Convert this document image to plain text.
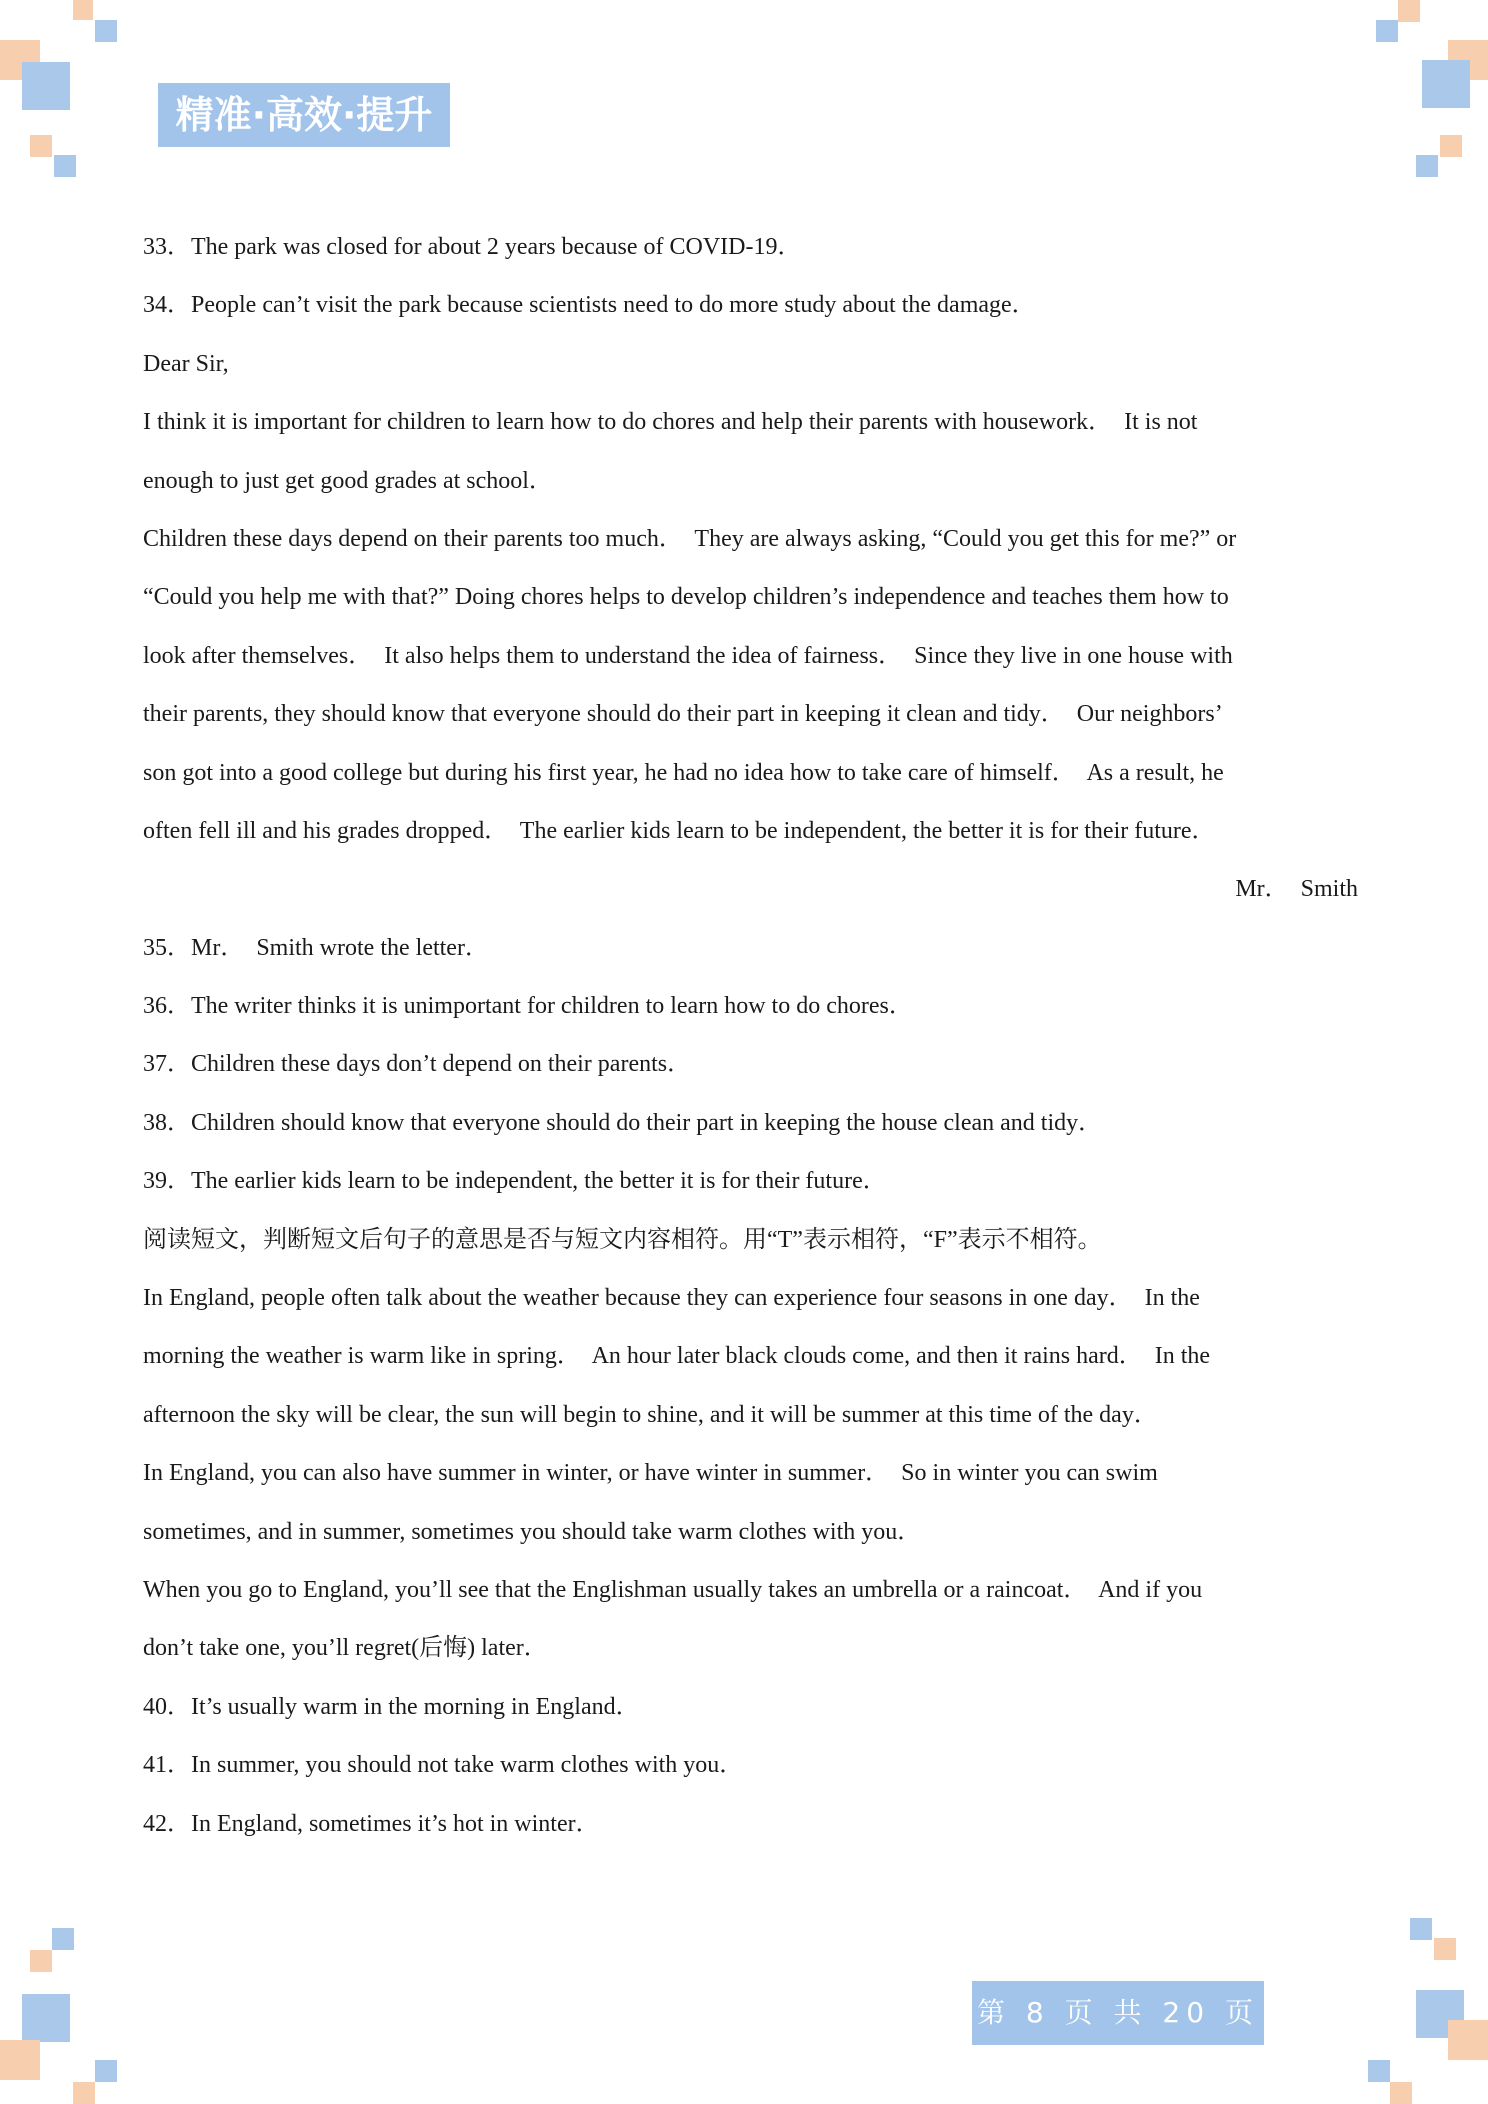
精准·高效·提升
33．The park was closed for about 2 years because of COVID-19．
34．People can’t visit the park because scientists need to do more study about the damage．
Dear Sir,
I think it is important for children to learn how to do chores and help their parents with housework．  It is not
enough to just get good grades at school．
Children these days depend on their parents too much．  They are always asking, “Could you get this for me?” or
“Could you help me with that?” Doing chores helps to develop children’s independence and teaches them how to
look after themselves．  It also helps them to understand the idea of fairness．  Since they live in one house with
their parents, they should know that everyone should do their part in keeping it clean and tidy．  Our neighbors’
son got into a good college but during his first year, he had no idea how to take care of himself．  As a result, he
often fell ill and his grades dropped．  The earlier kids learn to be independent, the better it is for their future．
Mr．  Smith
35．Mr．  Smith wrote the letter．
36．The writer thinks it is unimportant for children to learn how to do chores．
37．Children these days don’t depend on their parents．
38．Children should know that everyone should do their part in keeping the house clean and tidy．
39．The earlier kids learn to be independent, the better it is for their future．
阅读短文，判断短文后句子的意思是否与短文内容相符。用“T”表示相符，“F”表示不相符。
In England, people often talk about the weather because they can experience four seasons in one day．  In the
morning the weather is warm like in spring．  An hour later black clouds come, and then it rains hard．  In the
afternoon the sky will be clear, the sun will begin to shine, and it will be summer at this time of the day．
In England, you can also have summer in winter, or have winter in summer．  So in winter you can swim
sometimes, and in summer, sometimes you should take warm clothes with you．
When you go to England, you’ll see that the Englishman usually takes an umbrella or a raincoat．  And if you
don’t take one, you’ll regret(后悔) later．
40．It’s usually warm in the morning in England．
41．In summer, you should not take warm clothes with you．
42．In England, sometimes it’s hot in winter．
第 8 页 共 20 页
